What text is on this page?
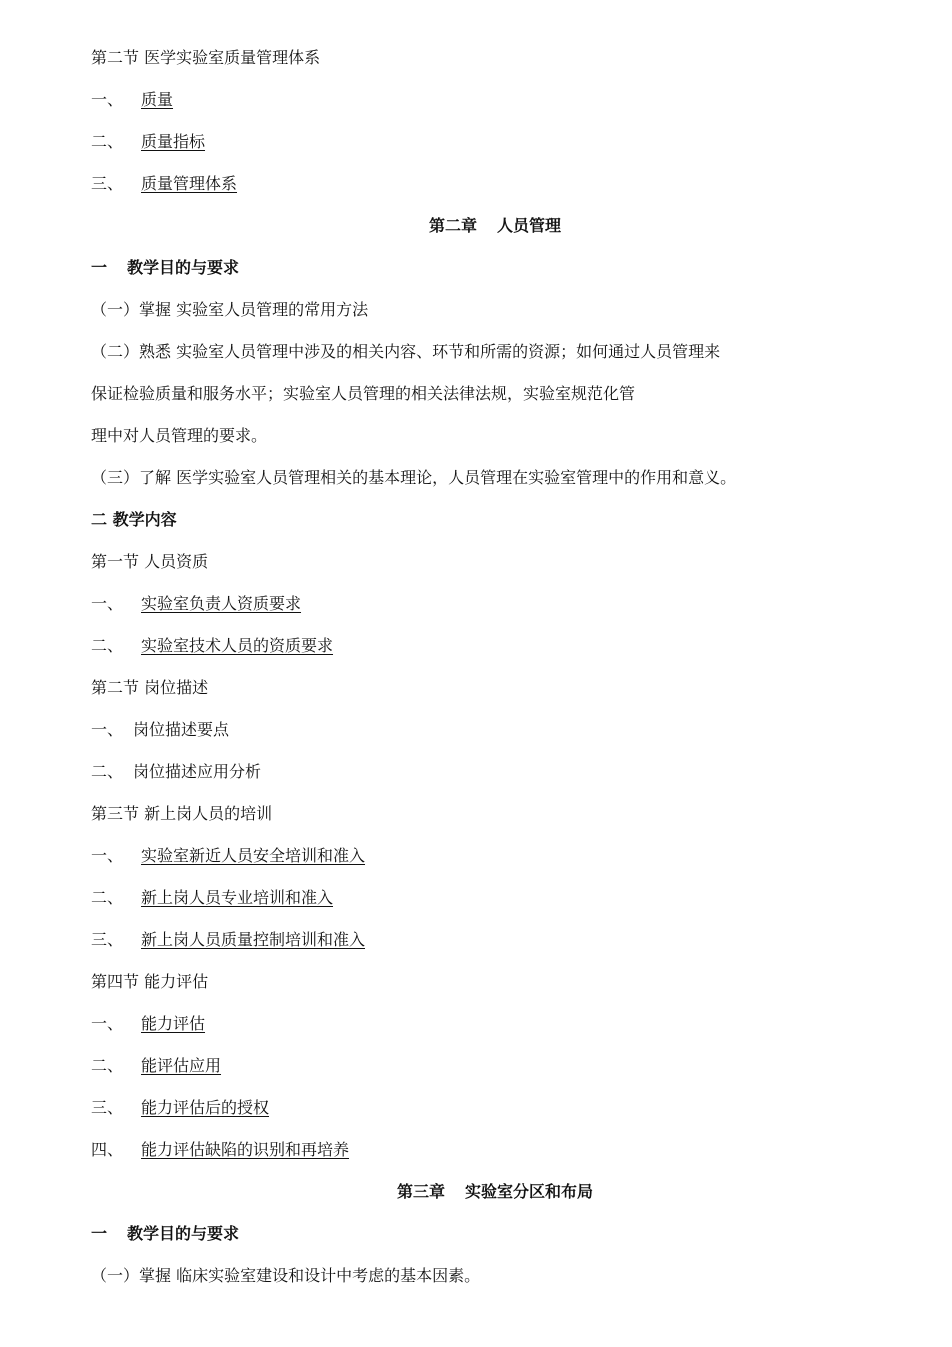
第二节 医学实验室质量管理体系
一、 质量
二、 质量指标
三、 质量管理体系
第二章 人员管理
一 教学目的与要求
（一）掌握 实验室人员管理的常用方法
（二）熟悉 实验室人员管理中涉及的相关内容、环节和所需的资源；如何通过人员管理来
保证检验质量和服务水平；实验室人员管理的相关法律法规，实验室规范化管
理中对人员管理的要求。
（三）了解 医学实验室人员管理相关的基本理论，人员管理在实验室管理中的作用和意义。
二 教学内容
第一节 人员资质
一、 实验室负责人资质要求
二、 实验室技术人员的资质要求
第二节 岗位描述
一、 岗位描述要点
二、 岗位描述应用分析
第三节 新上岗人员的培训
一、 实验室新近人员安全培训和准入
二、 新上岗人员专业培训和准入
三、 新上岗人员质量控制培训和准入
第四节 能力评估
一、 能力评估
二、 能评估应用
三、 能力评估后的授权
四、 能力评估缺陷的识别和再培养
第三章 实验室分区和布局
一 教学目的与要求
（一）掌握 临床实验室建设和设计中考虑的基本因素。
